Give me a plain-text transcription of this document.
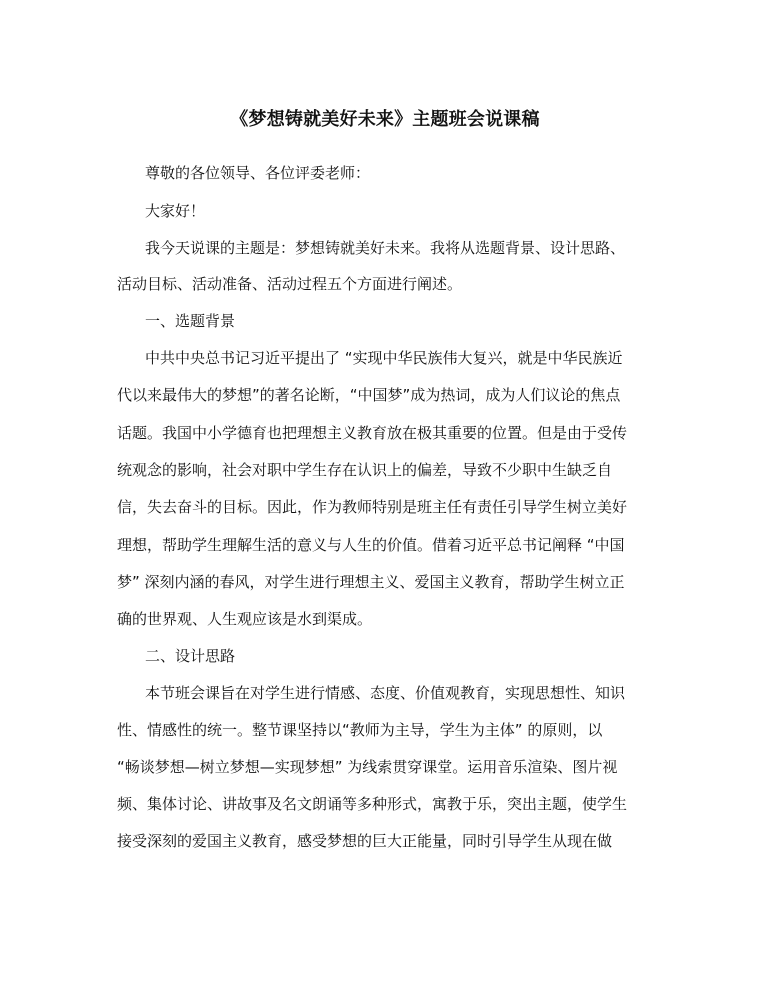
《梦想铸就美好未来》主题班会说课稿
尊敬的各位领导、各位评委老师：
大家好！
我今天说课的主题是：梦想铸就美好未来。我将从选题背景、设计思路、
活动目标、活动准备、活动过程五个方面进行阐述。
一、选题背景
中共中央总书记习近平提出了 “实现中华民族伟大复兴，就是中华民族近
代以来最伟大的梦想”的著名论断，“中国梦”成为热词，成为人们议论的焦点
话题。我国中小学德育也把理想主义教育放在极其重要的位置。但是由于受传
统观念的影响，社会对职中学生存在认识上的偏差，导致不少职中生缺乏自
信，失去奋斗的目标。因此，作为教师特别是班主任有责任引导学生树立美好
理想，帮助学生理解生活的意义与人生的价值。借着习近平总书记阐释 “中国
梦” 深刻内涵的春风，对学生进行理想主义、爱国主义教育，帮助学生树立正
确的世界观、人生观应该是水到渠成。
二、设计思路
本节班会课旨在对学生进行情感、态度、价值观教育，实现思想性、知识
性、情感性的统一。整节课坚持以“教师为主导，学生为主体” 的原则，以
“畅谈梦想—树立梦想—实现梦想” 为线索贯穿课堂。运用音乐渲染、图片视
频、集体讨论、讲故事及名文朗诵等多种形式，寓教于乐，突出主题，使学生
接受深刻的爱国主义教育，感受梦想的巨大正能量，同时引导学生从现在做
